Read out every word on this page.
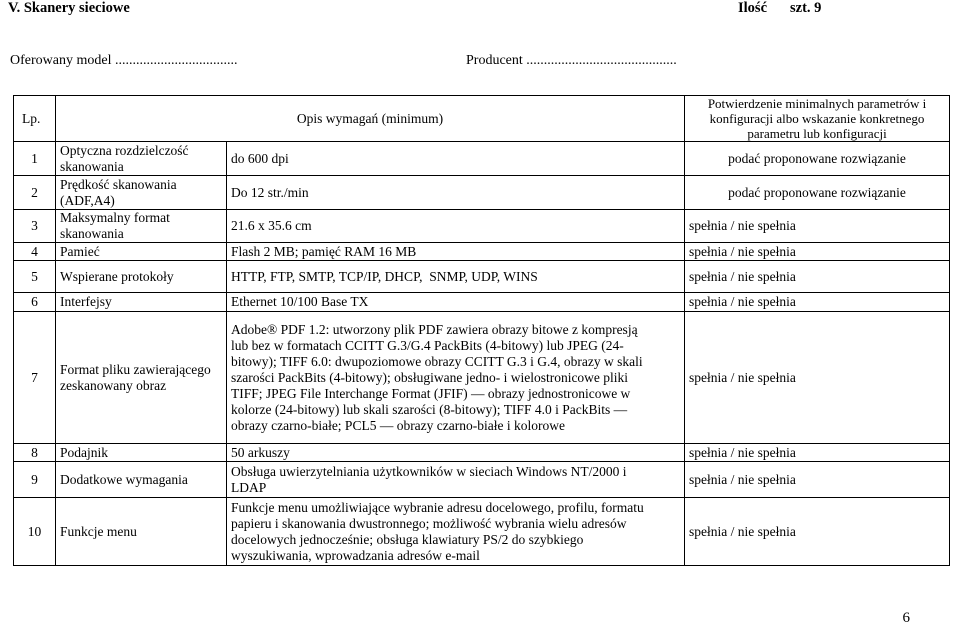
V. Skanery sieciowe	Ilość szt. 9
Oferowany model ...................................	Producent ...........................................
Lp.	Opis wymagań (minimum)		Potwierdzenie minimalnych parametrów i konfiguracji albo wskazanie konkretnego parametru lub konfiguracji
1	Optyczna rozdzielczość skanowania	do 600 dpi	podać proponowane rozwiązanie
2	Prędkość skanowania (ADF,A4)	Do 12 str./min	podać proponowane rozwiązanie
3	Maksymalny format skanowania	21.6 x 35.6 cm	spełnia / nie spełnia
4	Pamieć	Flash 2 MB; pamięć RAM 16 MB	spełnia / nie spełnia
5	Wspierane protokoły	HTTP, FTP, SMTP, TCP/IP, DHCP,  SNMP, UDP, WINS	spełnia / nie spełnia
6	Interfejsy	Ethernet 10/100 Base TX	spełnia / nie spełnia
7	Format pliku zawierającego zeskanowany obraz	Adobe® PDF 1.2: utworzony plik PDF zawiera obrazy bitowe z kompresją lub bez w formatach CCITT G.3/G.4 PackBits (4-bitowy) lub JPEG (24-bitowy); TIFF 6.0: dwupoziomowe obrazy CCITT G.3 i G.4, obrazy w skali szarości PackBits (4-bitowy); obsługiwane jedno- i wielostronicowe pliki TIFF; JPEG File Interchange Format (JFIF) — obrazy jednostronicowe w kolorze (24-bitowy) lub skali szarości (8-bitowy); TIFF 4.0 i PackBits — obrazy czarno-białe; PCL5 — obrazy czarno-białe i kolorowe	spełnia / nie spełnia
8	Podajnik	50 arkuszy	spełnia / nie spełnia
9	Dodatkowe wymagania	Obsługa uwierzytelniania użytkowników w sieciach Windows NT/2000 i LDAP	spełnia / nie spełnia
10	Funkcje menu	Funkcje menu umożliwiające wybranie adresu docelowego, profilu, formatu papieru i skanowania dwustronnego; możliwość wybrania wielu adresów docelowych jednocześnie; obsługa klawiatury PS/2 do szybkiego wyszukiwania, wprowadzania adresów e-mail	spełnia / nie spełnia
6
